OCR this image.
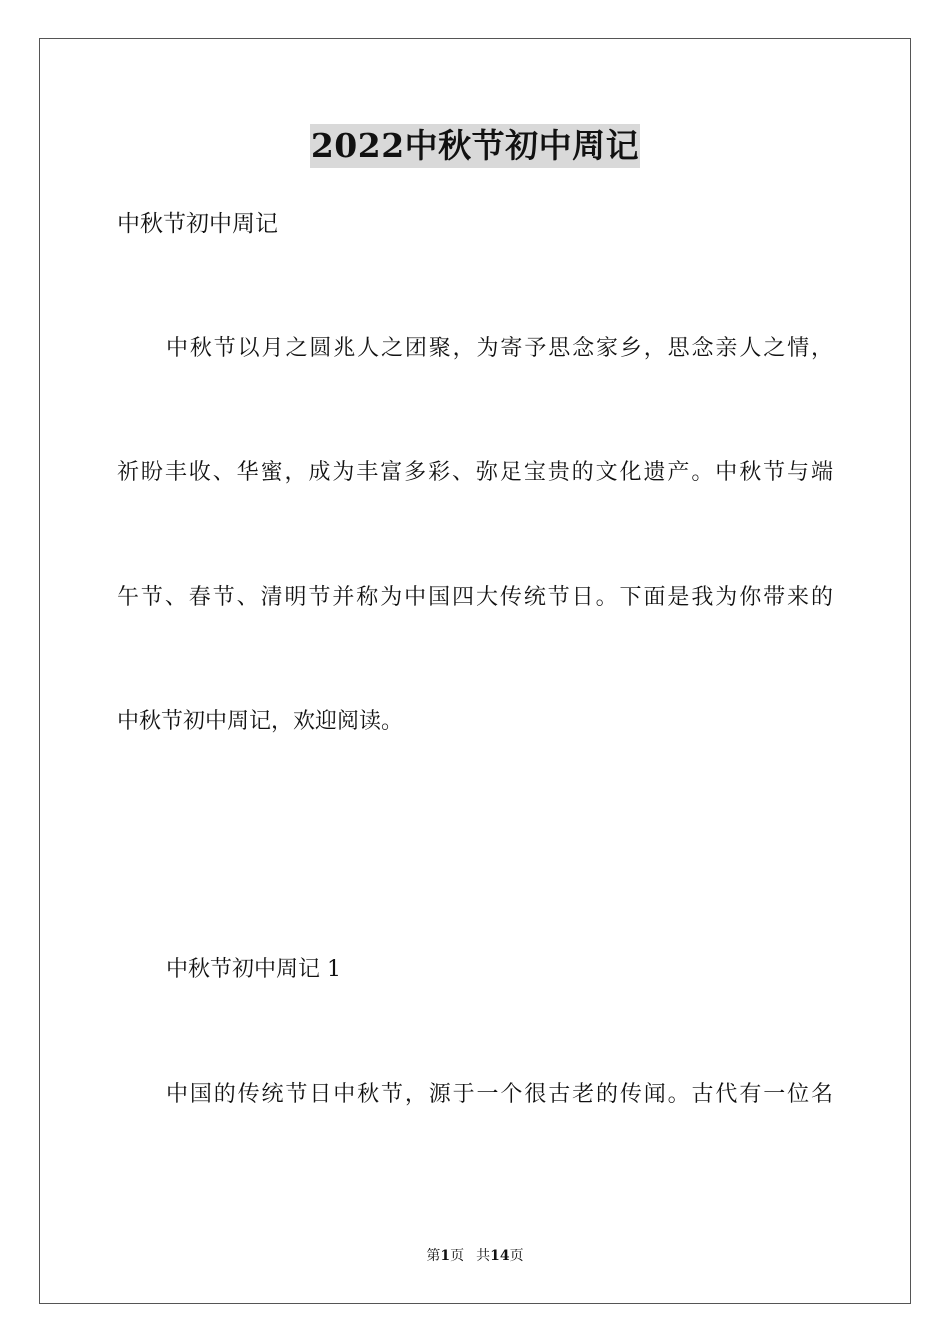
2022中秋节初中周记
中秋节初中周记
中秋节以月之圆兆人之团聚，为寄予思念家乡，思念亲人之情，
祈盼丰收、华蜜，成为丰富多彩、弥足宝贵的文化遗产。中秋节与端
午节、春节、清明节并称为中国四大传统节日。下面是我为你带来的
中秋节初中周记，欢迎阅读。
中秋节初中周记 1
中国的传统节日中秋节，源于一个很古老的传闻。古代有一位名
第1页 共14页
